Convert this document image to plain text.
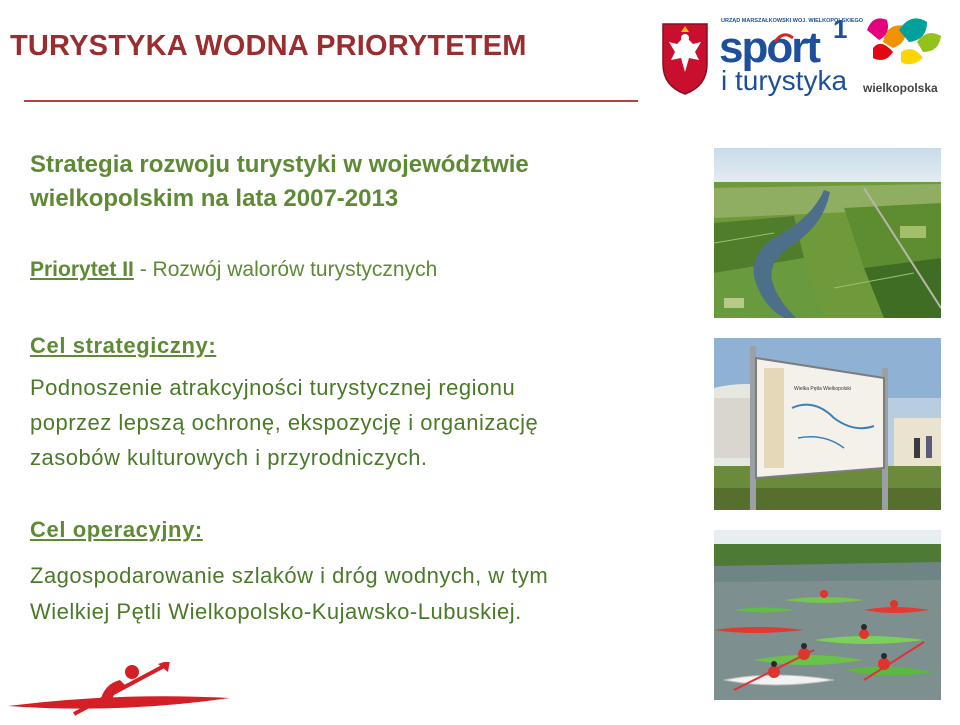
TURYSTYKA WODNA PRIORYTETEM
URZĄD MARSZAŁKOWSKI WOJ. WIELKOPOLSKIEGO
sport 1
i turystyka wielkopolska
Strategia rozwoju turystyki w województwie
wielkopolskim na lata 2007-2013
Priorytet II - Rozwój walorów turystycznych
Cel strategiczny:
Podnoszenie atrakcyjności turystycznej regionu
poprzez lepszą ochronę, ekspozycję i organizację
zasobów kulturowych i przyrodniczych.
Cel operacyjny:
Zagospodarowanie szlaków i dróg wodnych, w tym
Wielkiej Pętli Wielkopolsko-Kujawsko-Lubuskiej.
Wielka Pętla Wielkopolski
